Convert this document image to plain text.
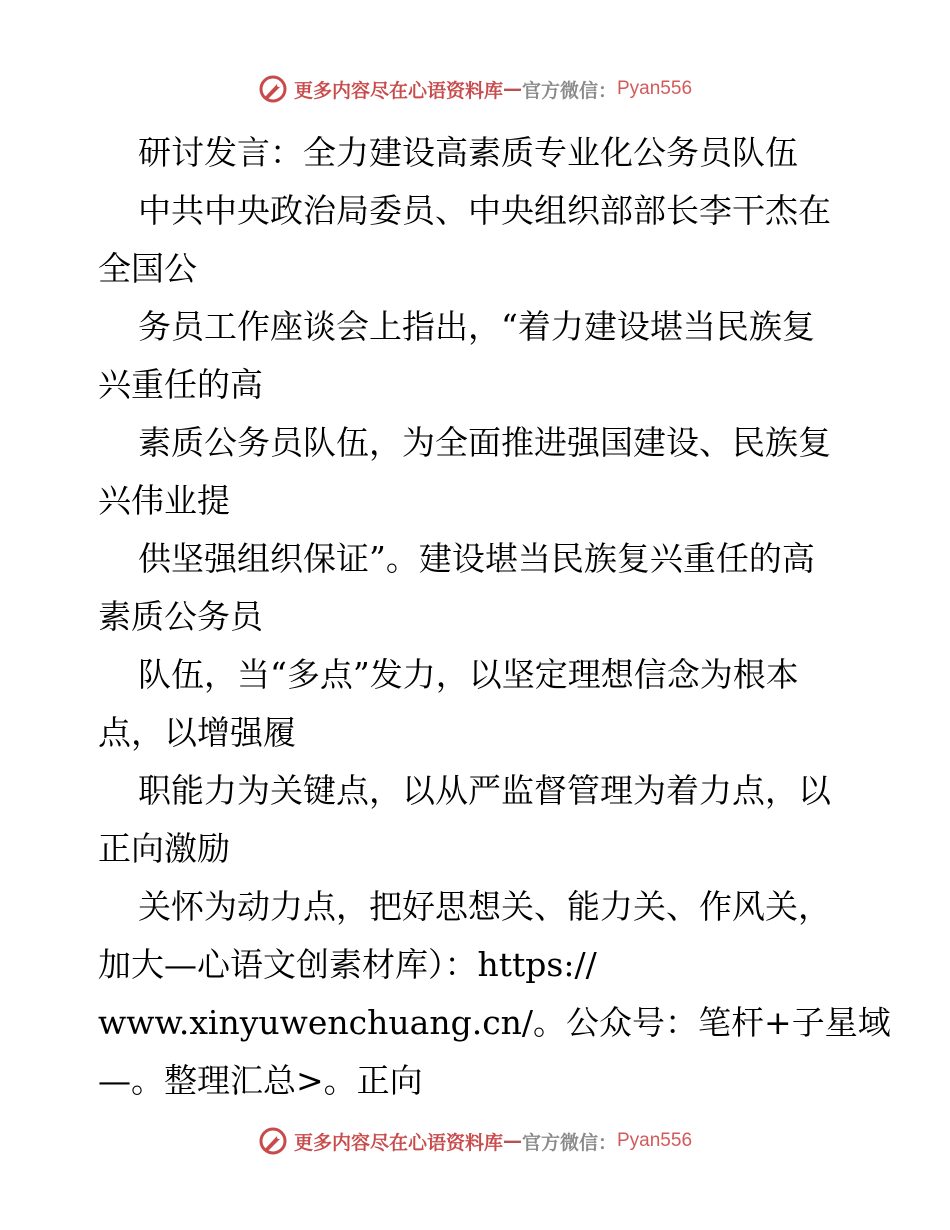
更多内容尽在心语资料库 — 官方微信： Pyan556
研讨发言：全力建设高素质专业化公务员队伍
中共中央政治局委员、中央组织部部长李干杰在
全国公
务员工作座谈会上指出，“着力建设堪当民族复
兴重任的高
素质公务员队伍，为全面推进强国建设、民族复
兴伟业提
供坚强组织保证”。建设堪当民族复兴重任的高
素质公务员
队伍，当“多点”发力，以坚定理想信念为根本
点，以增强履
职能力为关键点，以从严监督管理为着力点，以
正向激励
关怀为动力点，把好思想关、能力关、作风关，
加大—心语文创素材库）：https://
www.xinyuwenchuang.cn/。公众号：笔杆+子星域
—。整理汇总>。正向
更多内容尽在心语资料库 — 官方微信： Pyan556
